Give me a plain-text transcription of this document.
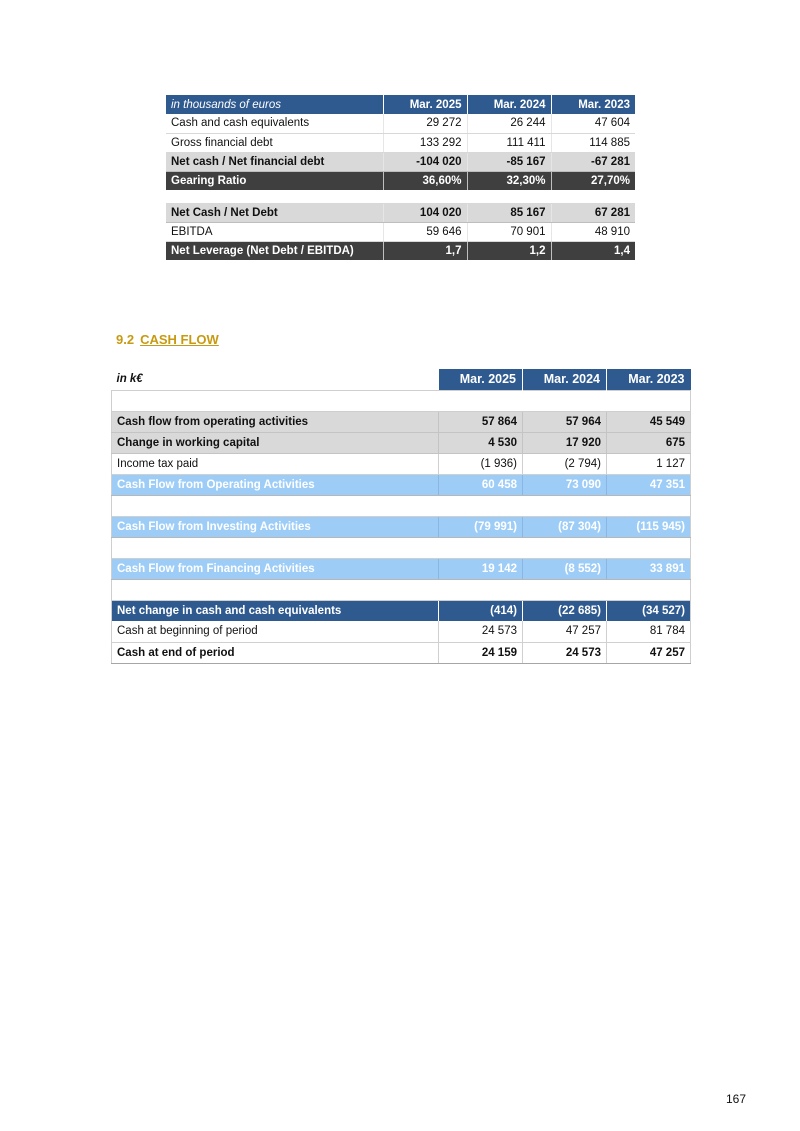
in thousands of euros	Mar. 2025	Mar. 2024	Mar. 2023
Cash and cash equivalents	29 272	26 244	47 604
Gross financial debt	133 292	111 411	114 885
Net cash / Net financial debt	-104 020	-85 167	-67 281
Gearing Ratio	36,60%	32,30%	27,70%

Net Cash / Net Debt	104 020	85 167	67 281
EBITDA	59 646	70 901	48 910
Net Leverage (Net Debt / EBITDA)	1,7	1,2	1,4
9.2 CASH FLOW
in k€	Mar. 2025	Mar. 2024	Mar. 2023

Cash flow from operating activities	57 864	57 964	45 549
Change in working capital	4 530	17 920	675
Income tax paid	(1 936)	(2 794)	1 127
Cash Flow from Operating Activities	60 458	73 090	47 351

Cash Flow from Investing Activities	(79 991)	(87 304)	(115 945)

Cash Flow from Financing Activities	19 142	(8 552)	33 891

Net change in cash and cash equivalents	(414)	(22 685)	(34 527)
Cash at beginning of period	24 573	47 257	81 784
Cash at end of period	24 159	24 573	47 257
167
